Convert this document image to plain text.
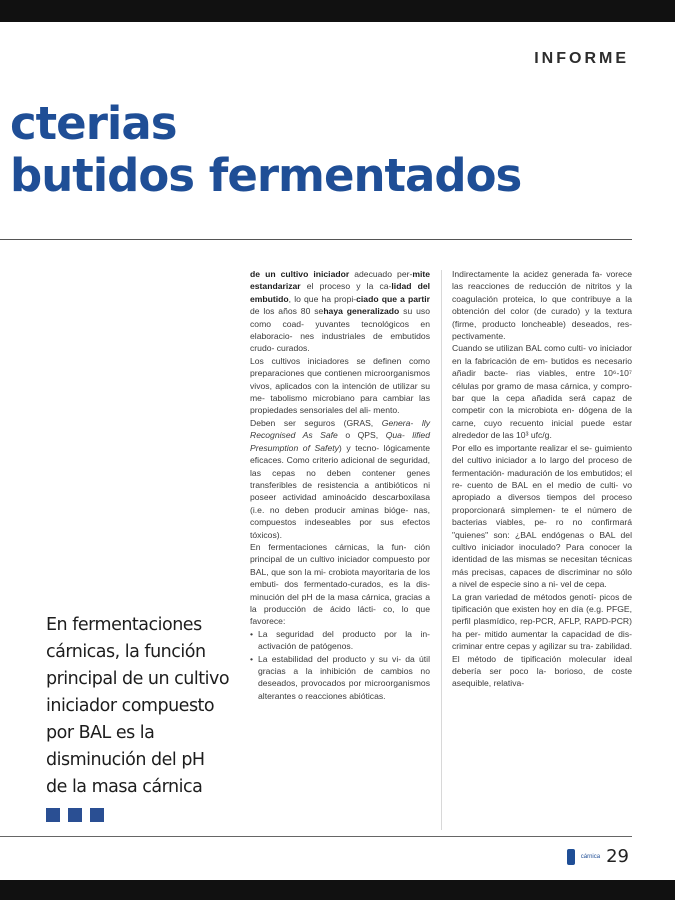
INFORME
cterias
butidos fermentados

En fermentaciones
cárnicas, la función
principal de un cultivo
iniciador compuesto
por BAL es la
disminución del pH
de la masa cárnica

de un cultivo iniciador adecuado per-mite estandarizar el proceso y la ca-lidad del embutido, lo que ha propi-ciado que a partir de los años 80 sehaya generalizado su uso como coad- yuvantes tecnológicos en elaboracio- nes industriales de embutidos crudo- curados.

Los cultivos iniciadores se definen como preparaciones que contienen microorganismos vivos, aplicados con la intención de utilizar su me- tabolismo microbiano para cambiar las propiedades sensoriales del ali- mento.

Deben ser seguros (GRAS, Genera- lly Recognised As Safe o QPS, Qua- lified Presumption of Safety) y tecno- lógicamente eficaces. Como criterio adicional de seguridad, las cepas no deben contener genes transferibles de resistencia a antibióticos ni poseer actividad aminoácido descarboxilasa (i.e. no deben producir aminas bióge- nas, compuestos indeseables por sus efectos tóxicos).

En fermentaciones cárnicas, la fun- ción principal de un cultivo iniciador compuesto por BAL, que son la mi- crobiota mayoritaria de los embuti- dos fermentado-curados, es la dis- minución del pH de la masa cárnica, gracias a la producción de ácido lácti- co, lo que favorece:

• La seguridad del producto por la in- activación de patógenos.
• La estabilidad del producto y su vi- da útil gracias a la inhibición de cambios no deseados, provocados por microorganismos alterantes o reacciones abióticas.

Indirectamente la acidez generada fa- vorece las reacciones de reducción de nitritos y la coagulación proteica, lo que contribuye a la obtención del color (de curado) y la textura (firme, producto loncheable) deseados, res- pectivamente.

Cuando se utilizan BAL como culti- vo iniciador en la fabricación de em- butidos es necesario añadir bacte- rias viables, entre 10⁶-10⁷ células por gramo de masa cárnica, y compro- bar que la cepa añadida será capaz de competir con la microbiota en- dógena de la carne, cuyo recuento inicial puede estar alrededor de las 10³ ufc/g.

Por ello es importante realizar el se- guimiento del cultivo iniciador a lo largo del proceso de fermentación- maduración de los embutidos; el re- cuento de BAL en el medio de culti- vo apropiado a diversos tiempos del proceso proporcionará simplemen- te el número de bacterias viables, pe- ro no confirmará "quienes" son: ¿BAL endógenas o BAL del cultivo iniciador inoculado? Para conocer la identidad de las mismas se necesitan técnicas más precisas, capaces de discriminar no sólo a nivel de especie sino a ni- vel de cepa.

La gran variedad de métodos genotí- picos de tipificación que existen hoy en día (e.g. PFGE, perfil plasmídico, rep-PCR, AFLP, RAPD-PCR) ha per- mitido aumentar la capacidad de dis- criminar entre cepas y agilizar su tra- zabilidad. El método de tipificación molecular ideal debería ser poco la- borioso, de coste asequible, relativa-

cárnica 29
